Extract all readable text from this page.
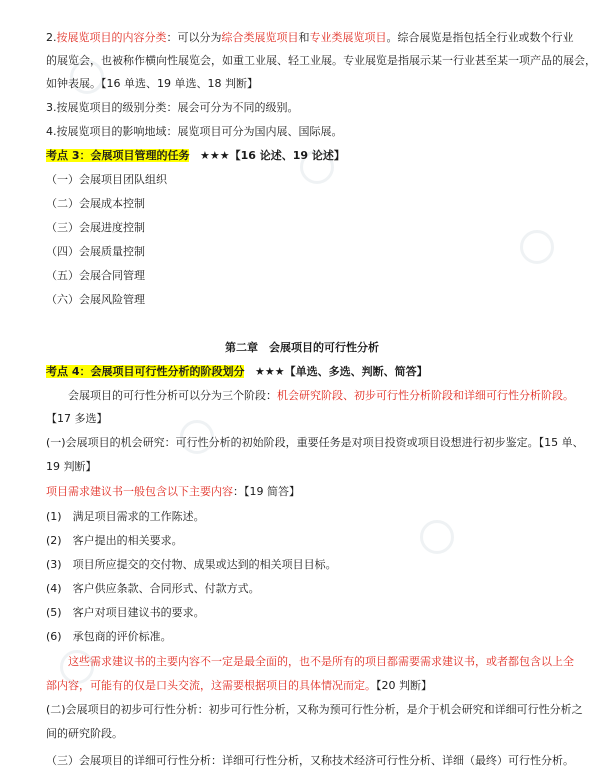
2.按展览项目的内容分类：可以分为综合类展览项目和专业类展览项目。综合展览是指包括全行业或数个行业
的展览会，也被称作横向性展览会，如重工业展、轻工业展。专业展览是指展示某一行业甚至某一项产品的展会，
如钟表展。【16 单选、19 单选、18 判断】
3.按展览项目的级别分类：展会可分为不同的级别。
4.按展览项目的影响地域：展览项目可分为国内展、国际展。
考点 3：会展项目管理的任务 ★★★【16 论述、19 论述】
（一）会展项目团队组织
（二）会展成本控制
（三）会展进度控制
（四）会展质量控制
（五）会展合同管理
（六）会展风险管理
第二章　会展项目的可行性分析
考点 4：会展项目可行性分析的阶段划分 ★★★【单选、多选、判断、简答】
会展项目的可行性分析可以分为三个阶段：机会研究阶段、初步可行性分析阶段和详细可行性分析阶段。
【17 多选】
(一)会展项目的机会研究：可行性分析的初始阶段，重要任务是对项目投资或项目设想进行初步鉴定。【15 单、
19 判断】
项目需求建议书一般包含以下主要内容：【19 简答】
(1)　满足项目需求的工作陈述。
(2)　客户提出的相关要求。
(3)　项目所应提交的交付物、成果或达到的相关项目目标。
(4)　客户供应条款、合同形式、付款方式。
(5)　客户对项目建议书的要求。
(6)　承包商的评价标准。
这些需求建议书的主要内容不一定是最全面的，也不是所有的项目都需要需求建议书，或者都包含以上全
部内容，可能有的仅是口头交流，这需要根据项目的具体情况而定。【20 判断】
(二)会展项目的初步可行性分析：初步可行性分析，又称为预可行性分析，是介于机会研究和详细可行性分析之
间的研究阶段。
（三）会展项目的详细可行性分析：详细可行性分析，又称技术经济可行性分析、详细（最终）可行性分析。
